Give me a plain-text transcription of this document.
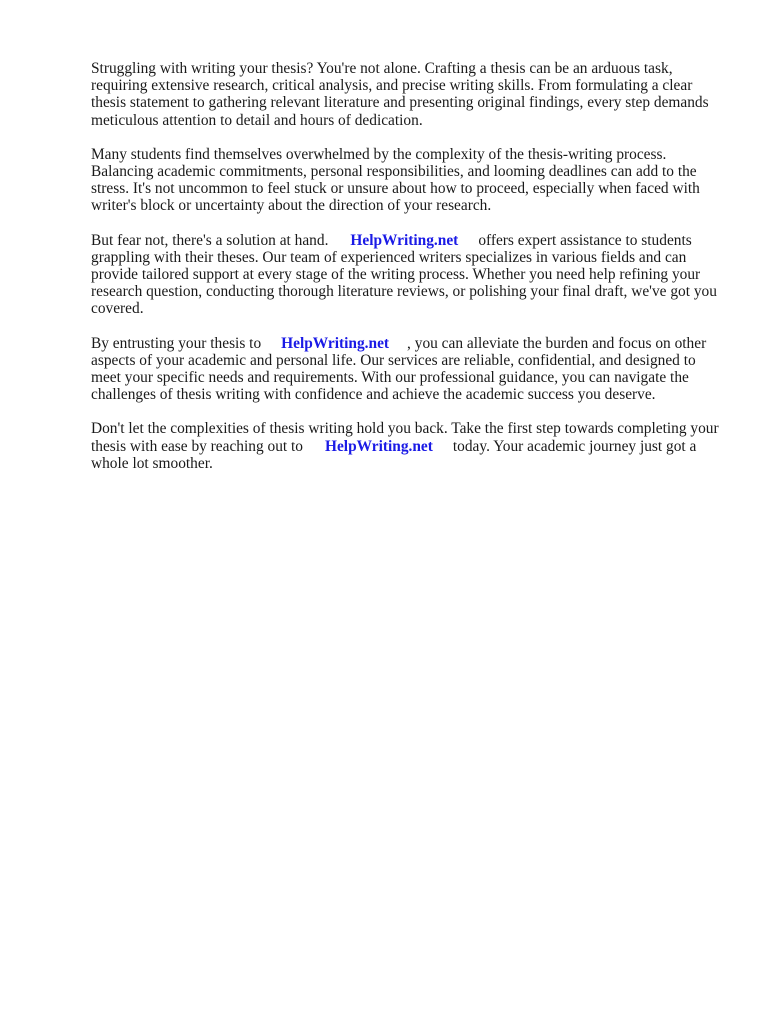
Struggling with writing your thesis? You're not alone. Crafting a thesis can be an arduous task, requiring extensive research, critical analysis, and precise writing skills. From formulating a clear thesis statement to gathering relevant literature and presenting original findings, every step demands meticulous attention to detail and hours of dedication.

Many students find themselves overwhelmed by the complexity of the thesis-writing process. Balancing academic commitments, personal responsibilities, and looming deadlines can add to the stress. It's not uncommon to feel stuck or unsure about how to proceed, especially when faced with writer's block or uncertainty about the direction of your research.

But fear not, there's a solution at hand. HelpWriting.net offers expert assistance to students grappling with their theses. Our team of experienced writers specializes in various fields and can provide tailored support at every stage of the writing process. Whether you need help refining your research question, conducting thorough literature reviews, or polishing your final draft, we've got you covered.

By entrusting your thesis to HelpWriting.net , you can alleviate the burden and focus on other aspects of your academic and personal life. Our services are reliable, confidential, and designed to meet your specific needs and requirements. With our professional guidance, you can navigate the challenges of thesis writing with confidence and achieve the academic success you deserve.

Don't let the complexities of thesis writing hold you back. Take the first step towards completing your thesis with ease by reaching out to HelpWriting.net today. Your academic journey just got a whole lot smoother.
